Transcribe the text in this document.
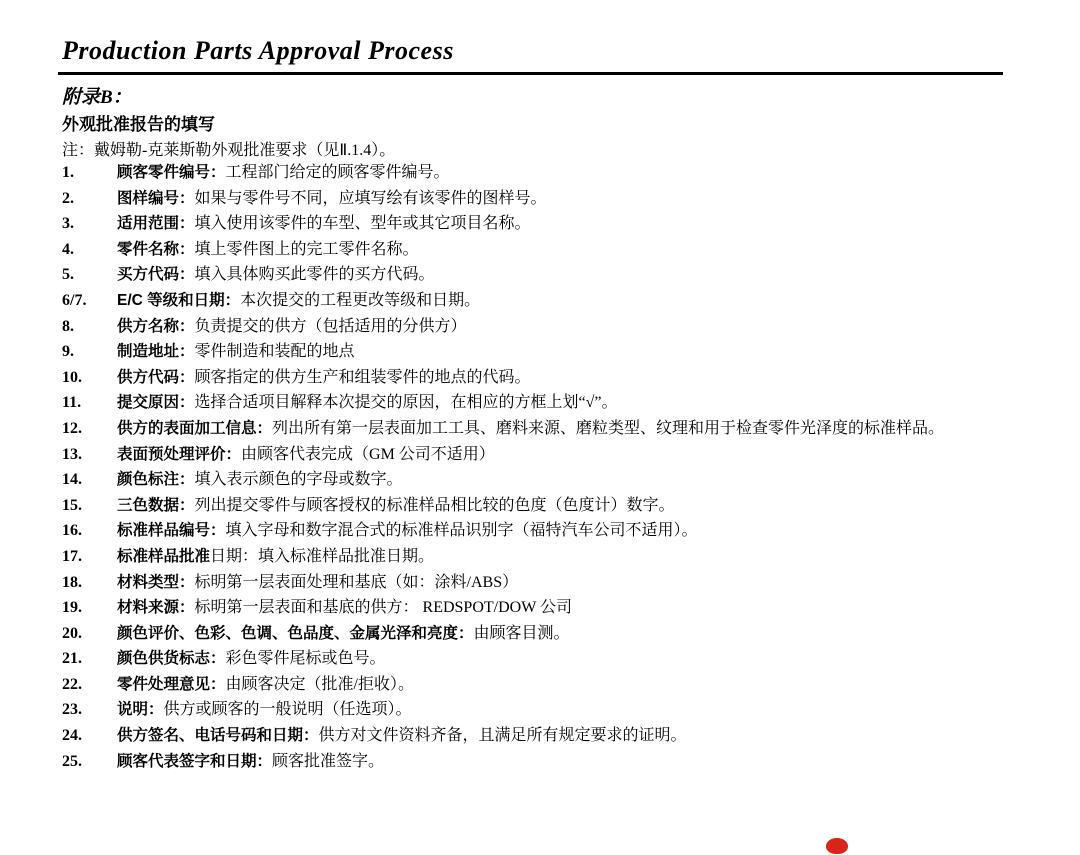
Production Parts Approval Process
附录B：
外观批准报告的填写
注：戴姆勒-克莱斯勒外观批准要求（见Ⅱ.1.4）。
1.	顾客零件编号：工程部门给定的顾客零件编号。
2.	图样编号：如果与零件号不同，应填写绘有该零件的图样号。
3.	适用范围：填入使用该零件的车型、型年或其它项目名称。
4.	零件名称：填上零件图上的完工零件名称。
5.	买方代码：填入具体购买此零件的买方代码。
6/7.	E/C 等级和日期：本次提交的工程更改等级和日期。
8.	供方名称：负责提交的供方（包括适用的分供方）
9.	制造地址：零件制造和装配的地点
10.	供方代码：顾客指定的供方生产和组装零件的地点的代码。
11.	提交原因：选择合适项目解释本次提交的原因，在相应的方框上划“√”。
12.	供方的表面加工信息：列出所有第一层表面加工工具、磨料来源、磨粒类型、纹理和用于检查零件光泽度的标准样品。
13.	表面预处理评价：由顾客代表完成（GM 公司不适用）
14.	颜色标注：填入表示颜色的字母或数字。
15.	三色数据：列出提交零件与顾客授权的标准样品相比较的色度（色度计）数字。
16.	标准样品编号：填入字母和数字混合式的标准样品识别字（福特汽车公司不适用）。
17.	标准样品批准日期：填入标准样品批准日期。
18.	材料类型：标明第一层表面处理和基底（如：涂料/ABS）
19.	材料来源：标明第一层表面和基底的供方： REDSPOT/DOW 公司
20.	颜色评价、色彩、色调、色品度、金属光泽和亮度：由顾客目测。
21.	颜色供货标志：彩色零件尾标或色号。
22.	零件处理意见：由顾客决定（批准/拒收）。
23.	说明：供方或顾客的一般说明（任选项）。
24.	供方签名、电话号码和日期：供方对文件资料齐备，且满足所有规定要求的证明。
25.	顾客代表签字和日期：顾客批准签字。
